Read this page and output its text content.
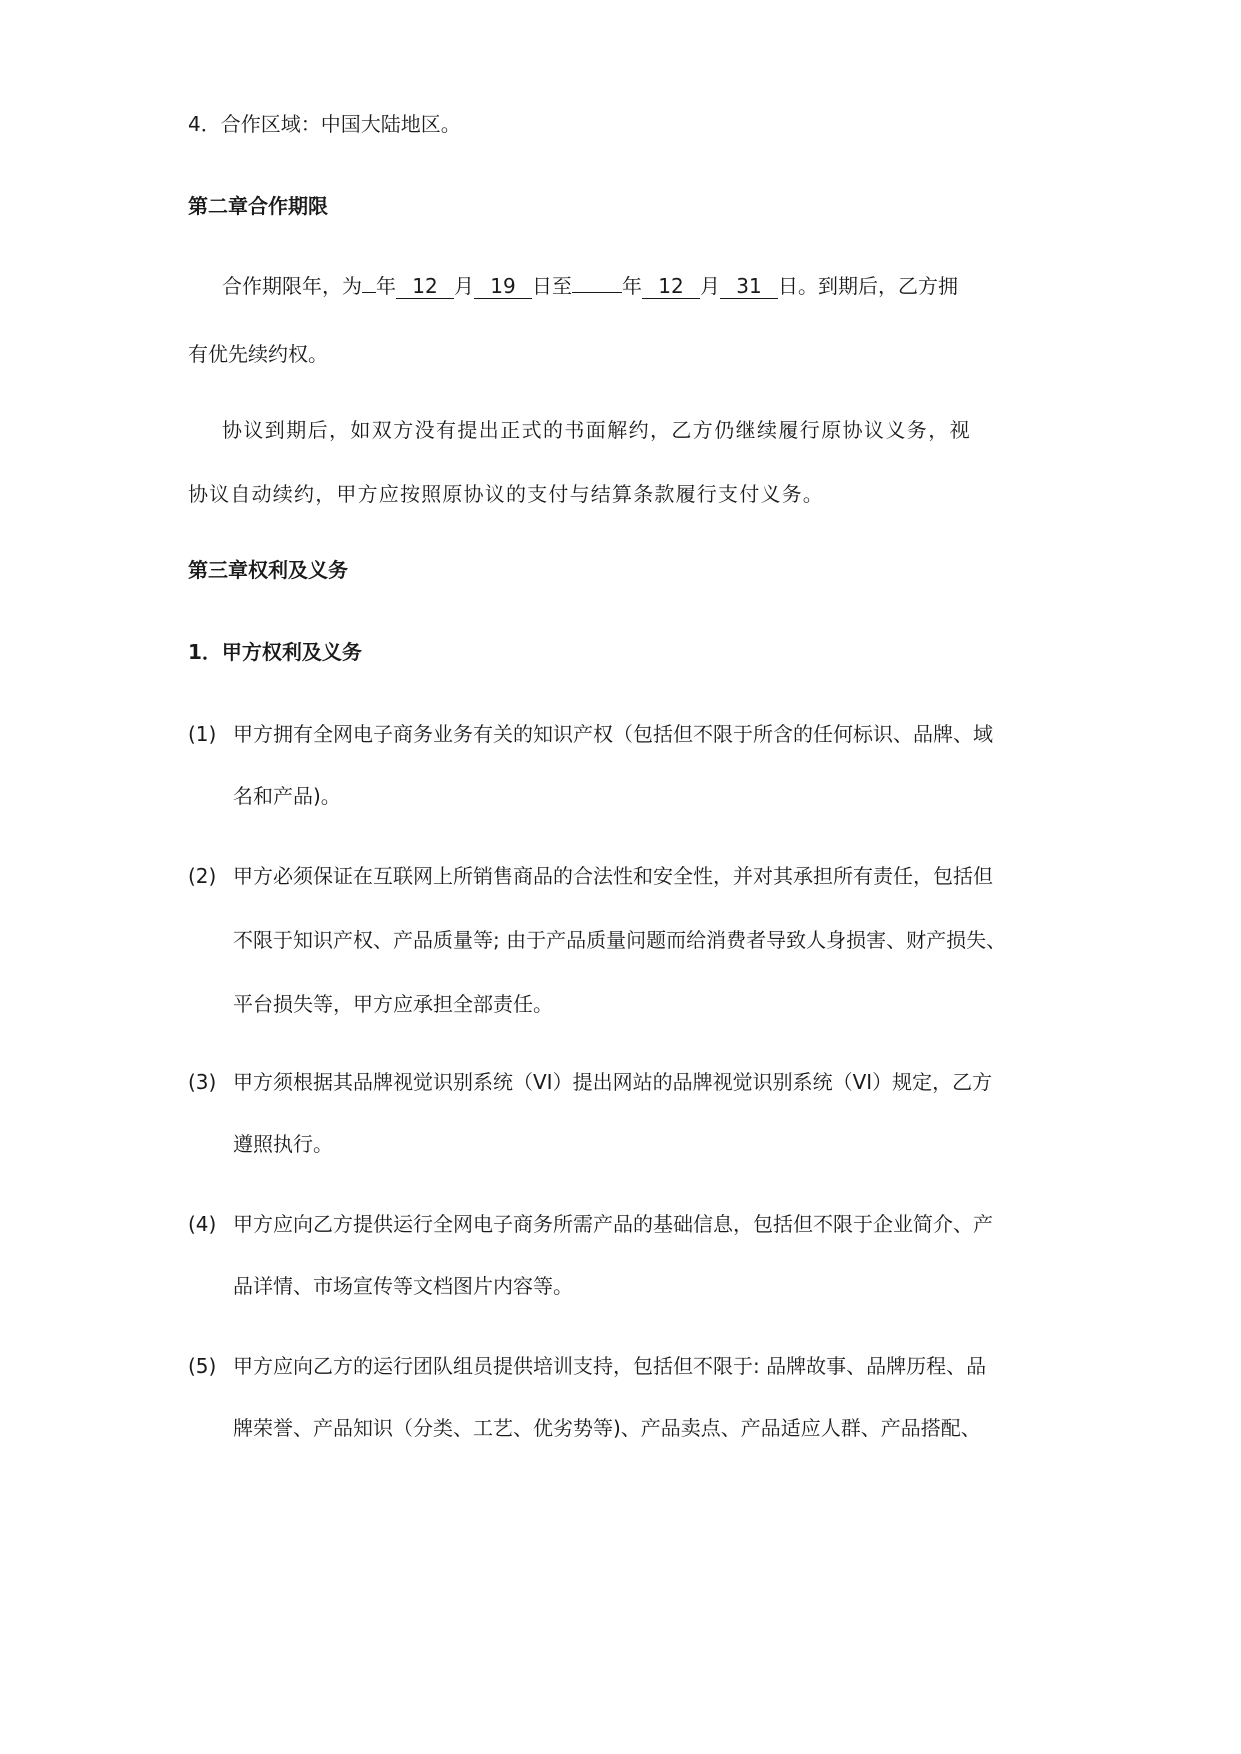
4．合作区域：中国大陆地区。
第二章合作期限
合作期限年，为 年 12 月 19 日至	年 12 月 31 日。到期后，乙方拥
有优先续约权。
协议到期后，如双方没有提出正式的书面解约，乙方仍继续履行原协议义务，视
协议自动续约，甲方应按照原协议的支付与结算条款履行支付义务。
第三章权利及义务
1．甲方权利及义务
(1) 甲方拥有全网电子商务业务有关的知识产权（包括但不限于所含的任何标识、品牌、域
名和产品)。
(2) 甲方必须保证在互联网上所销售商品的合法性和安全性，并对其承担所有责任，包括但
不限于知识产权、产品质量等; 由于产品质量问题而给消费者导致人身损害、财产损失、
平台损失等，甲方应承担全部责任。
(3) 甲方须根据其品牌视觉识别系统（VI）提出网站的品牌视觉识别系统（VI）规定，乙方
遵照执行。
(4) 甲方应向乙方提供运行全网电子商务所需产品的基础信息，包括但不限于企业简介、产
品详情、市场宣传等文档图片内容等。
(5) 甲方应向乙方的运行团队组员提供培训支持，包括但不限于: 品牌故事、品牌历程、品
牌荣誉、产品知识（分类、工艺、优劣势等)、产品卖点、产品适应人群、产品搭配、
